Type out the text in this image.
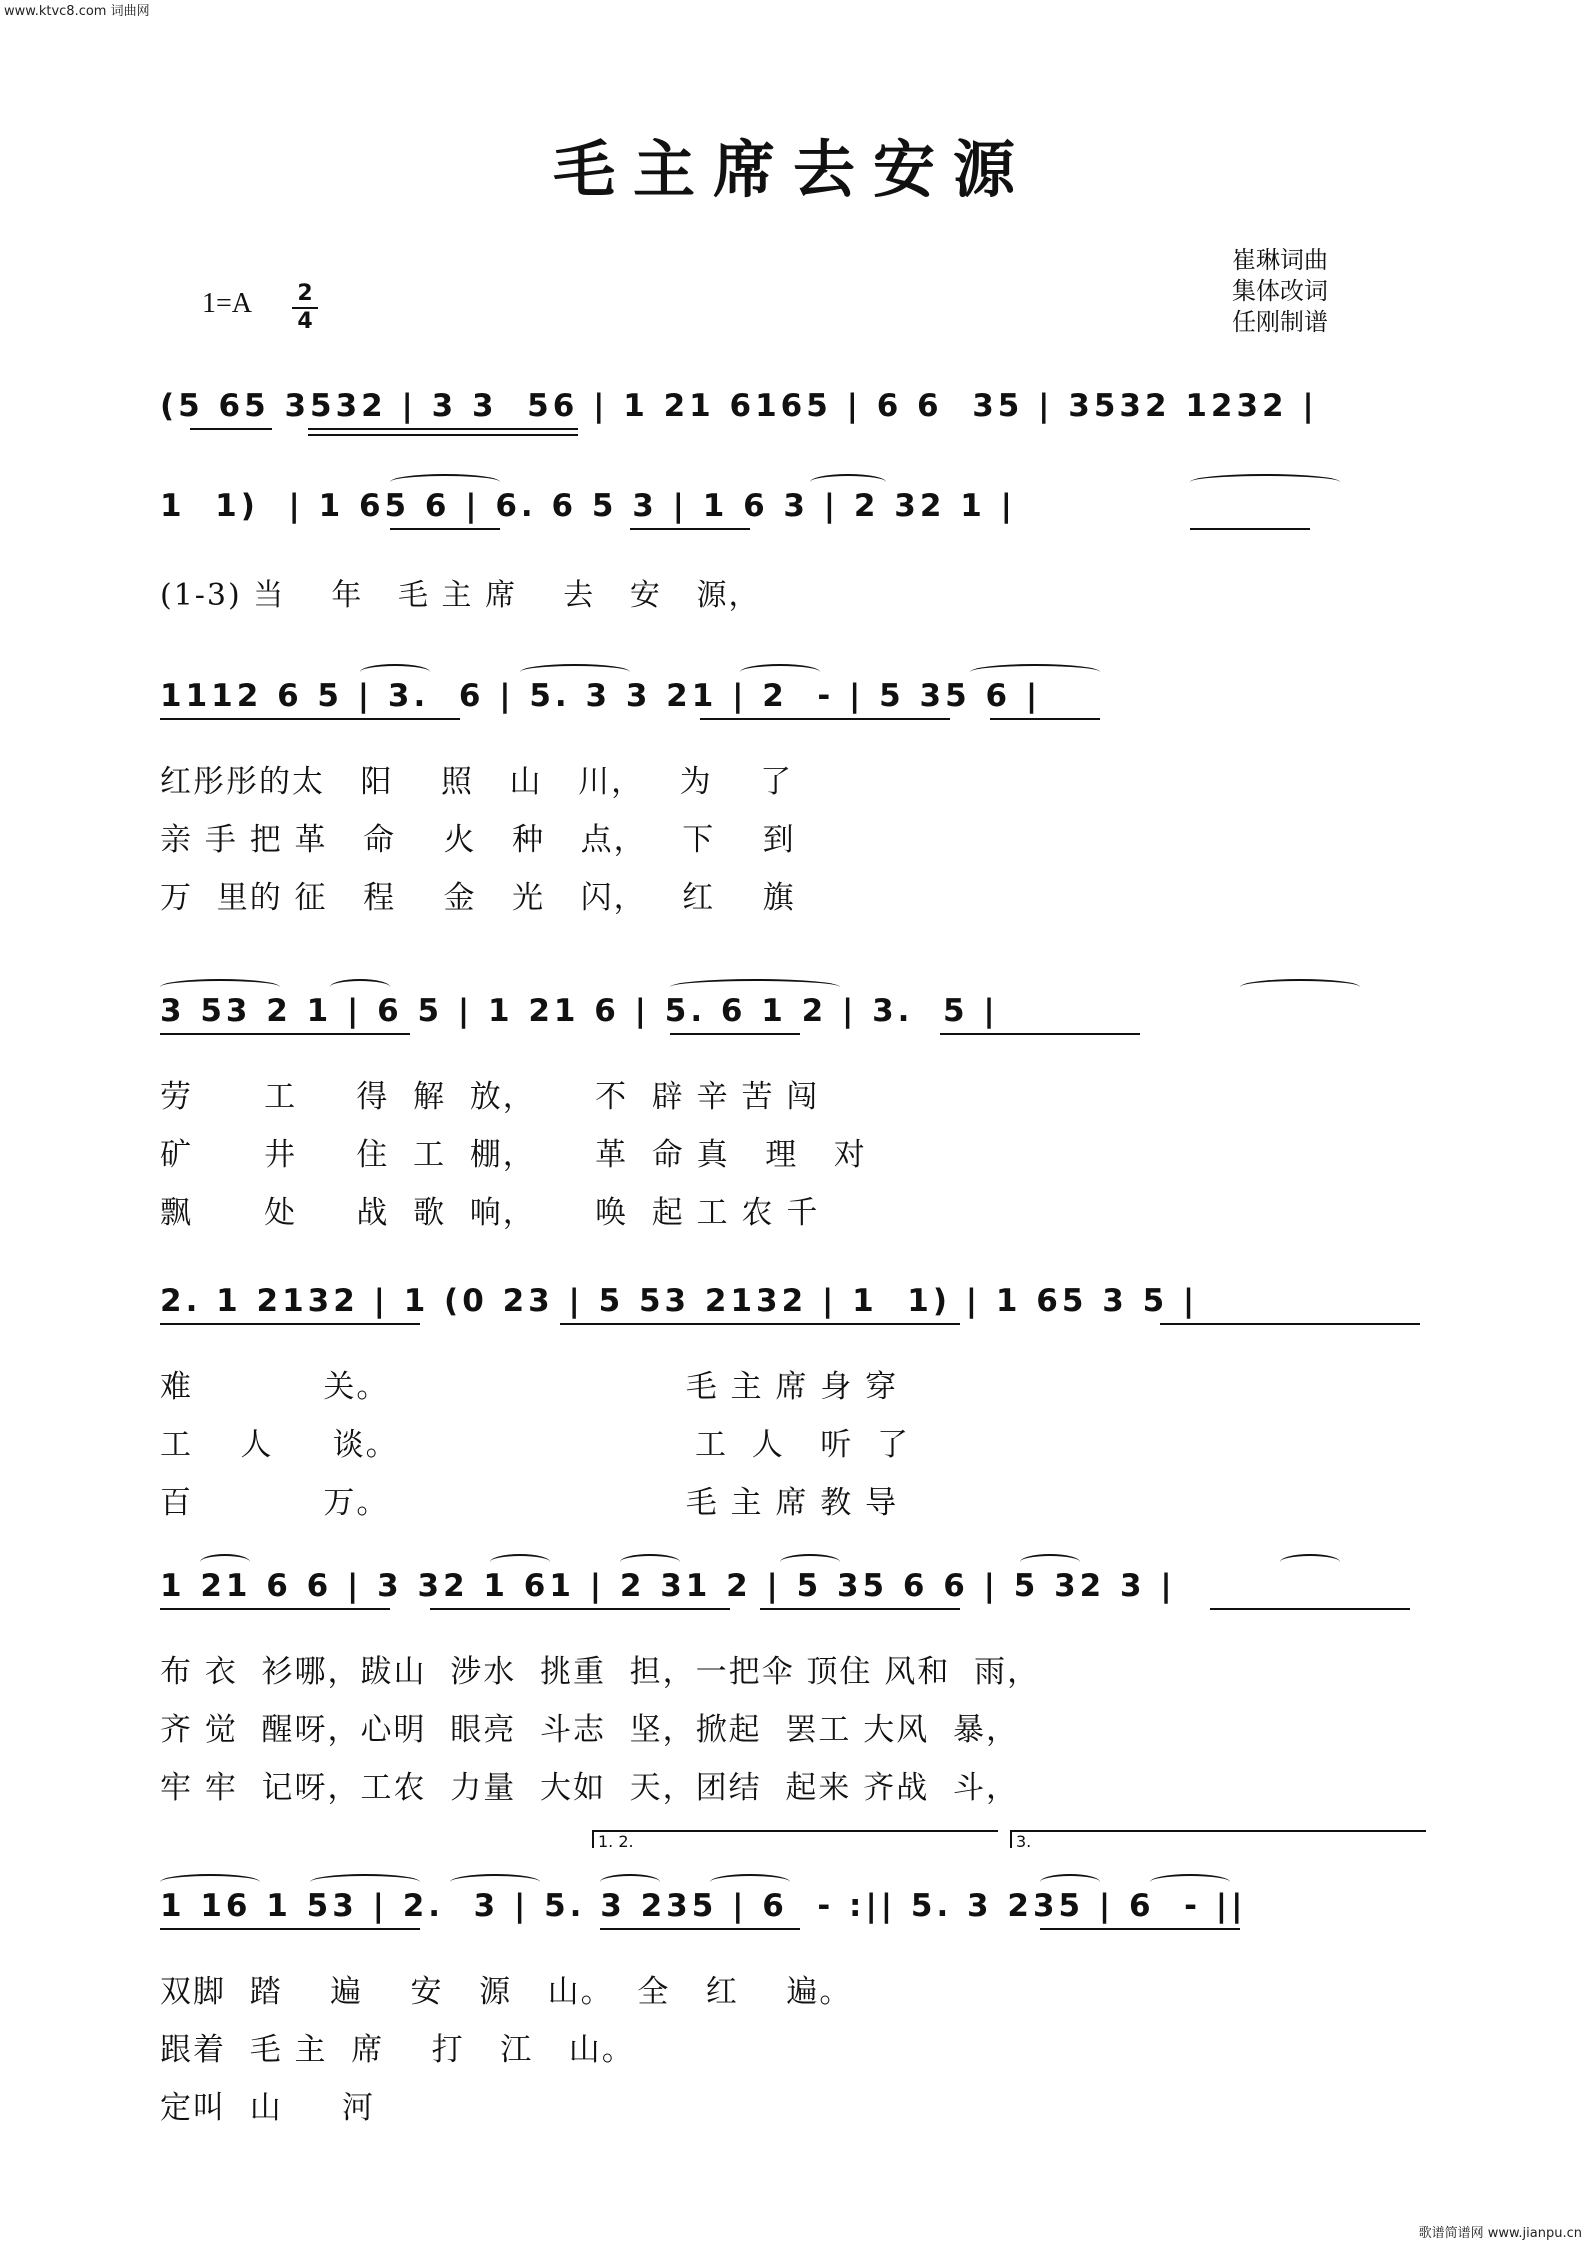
www.ktvc8.com 词曲网
歌谱简谱网 www.jianpu.cn
毛主席去安源
崔琳词曲
集体改词
任刚制谱
1=A 2
4
(5 65 3532 | 3 3  56 | 1 21 6165 | 6 6  35 | 3532 1232 |
1  1)  | 1 65 6 | 6. 6 5 3 | 1 6 3 | 2 32 1 |
(1-3) 当    年   毛 主 席    去   安   源，
1112 6 5 | 3.  6 | 5. 3 3 21 | 2  - | 5 35 6 |
红彤彤的太   阳    照   山   川，   为    了
亲 手 把 革   命    火   种   点，   下    到
万  里的 征   程    金   光   闪，   红    旗
3 53 2 1 | 6 5 | 1 21 6 | 5. 6 1 2 | 3.  5 |
劳      工     得  解  放，     不  辟 辛 苦 闯
矿      井     住  工  棚，     革  命 真   理   对
飘      处     战  歌  响，     唤  起 工 农 千
2. 1 2132 | 1 (0 23 | 5 53 2132 | 1  1) | 1 65 3 5 |
难           关。                         毛 主 席 身 穿
工    人     谈。                         工  人   听  了
百           万。                         毛 主 席 教 导
1 21 6 6 | 3 32 1 61 | 2 31 2 | 5 35 6 6 | 5 32 3 |
布 衣  衫哪，跋山  涉水  挑重  担，一把伞 顶住 风和  雨，
齐 觉  醒呀，心明  眼亮  斗志  坚，掀起  罢工 大风  暴，
牢 牢  记呀，工农  力量  大如  天，团结  起来 齐战  斗，
1. 2.	3.
1 16 1 53 | 2.  3 | 5. 3 235 | 6  - :|| 5. 3 235 | 6  - ||
双脚  踏    遍    安   源   山。  全   红    遍。
跟着  毛 主  席    打   江   山。
定叫  山     河
